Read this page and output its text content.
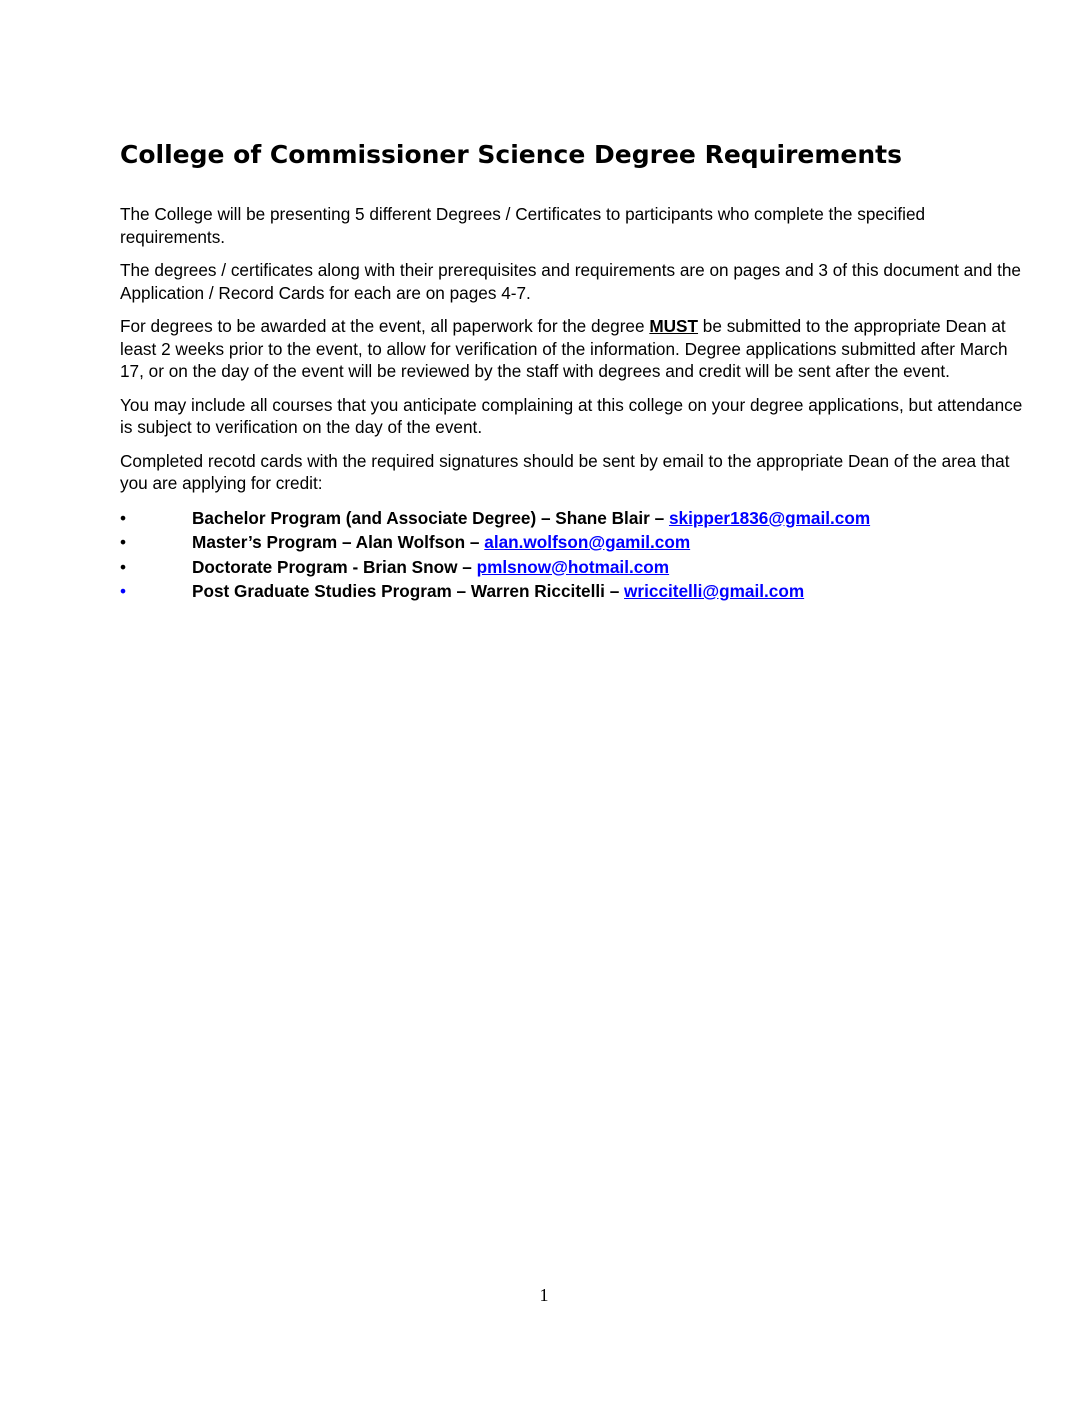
College of Commissioner Science Degree Requirements

The College will be presenting 5 different Degrees / Certificates to participants who complete the specified requirements.

The degrees / certificates along with their prerequisites and requirements are on pages and 3 of this document and the Application / Record Cards for each are on pages 4-7.

For degrees to be awarded at the event, all paperwork for the degree MUST be submitted to the appropriate Dean at least 2 weeks prior to the event, to allow for verification of the information. Degree applications submitted after March 17, or on the day of the event will be reviewed by the staff with degrees and credit will be sent after the event.

You may include all courses that you anticipate complaining at this college on your degree applications, but attendance is subject to verification on the day of the event.

Completed recotd cards with the required signatures should be sent by email to the appropriate Dean of the area that you are applying for credit:

•	Bachelor Program (and Associate Degree) – Shane Blair – skipper1836@gmail.com
•	Master’s Program – Alan Wolfson – alan.wolfson@gamil.com
•	Doctorate Program - Brian Snow – pmlsnow@hotmail.com
•	Post Graduate Studies Program – Warren Riccitelli – wriccitelli@gmail.com
1
